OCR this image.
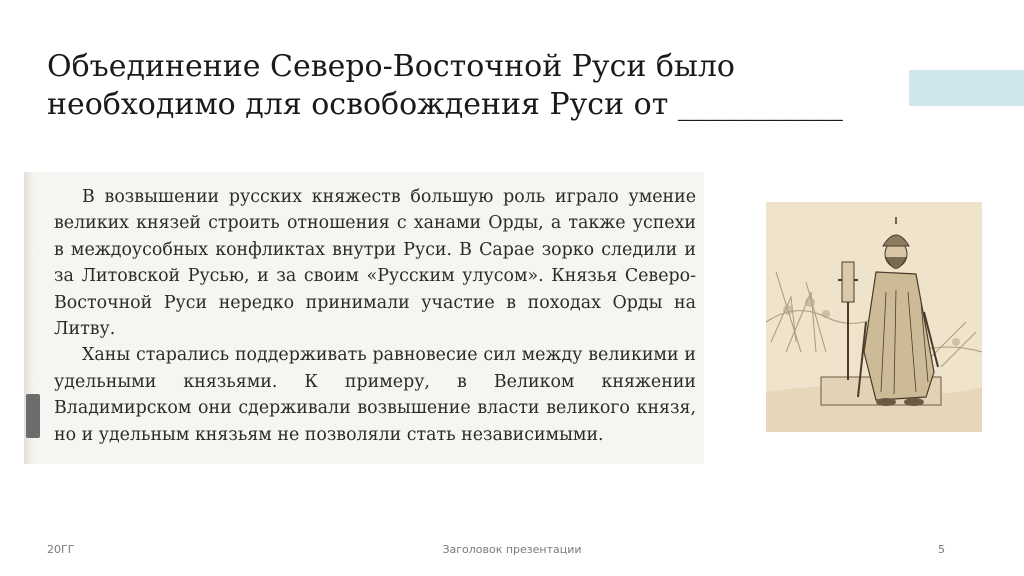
Объединение Северо-Восточной Руси было
необходимо для освобождения Руси от ___________

В возвышении русских княжеств большую роль играло умение великих князей строить отношения с ханами Орды, а также успехи в междоусобных конфликтах внутри Руси. В Сарае зорко следили и за Литовской Русью, и за своим «Русским улусом». Князья Северо-Восточной Руси нередко принимали участие в походах Орды на Литву.

Ханы старались поддерживать равновесие сил между великими и удельными князьями. К примеру, в Великом княжении Владимирском они сдерживали возвышение власти великого князя, но и удельным князьям не позволяли стать независимыми.

20ГГ	Заголовок презентации	5
